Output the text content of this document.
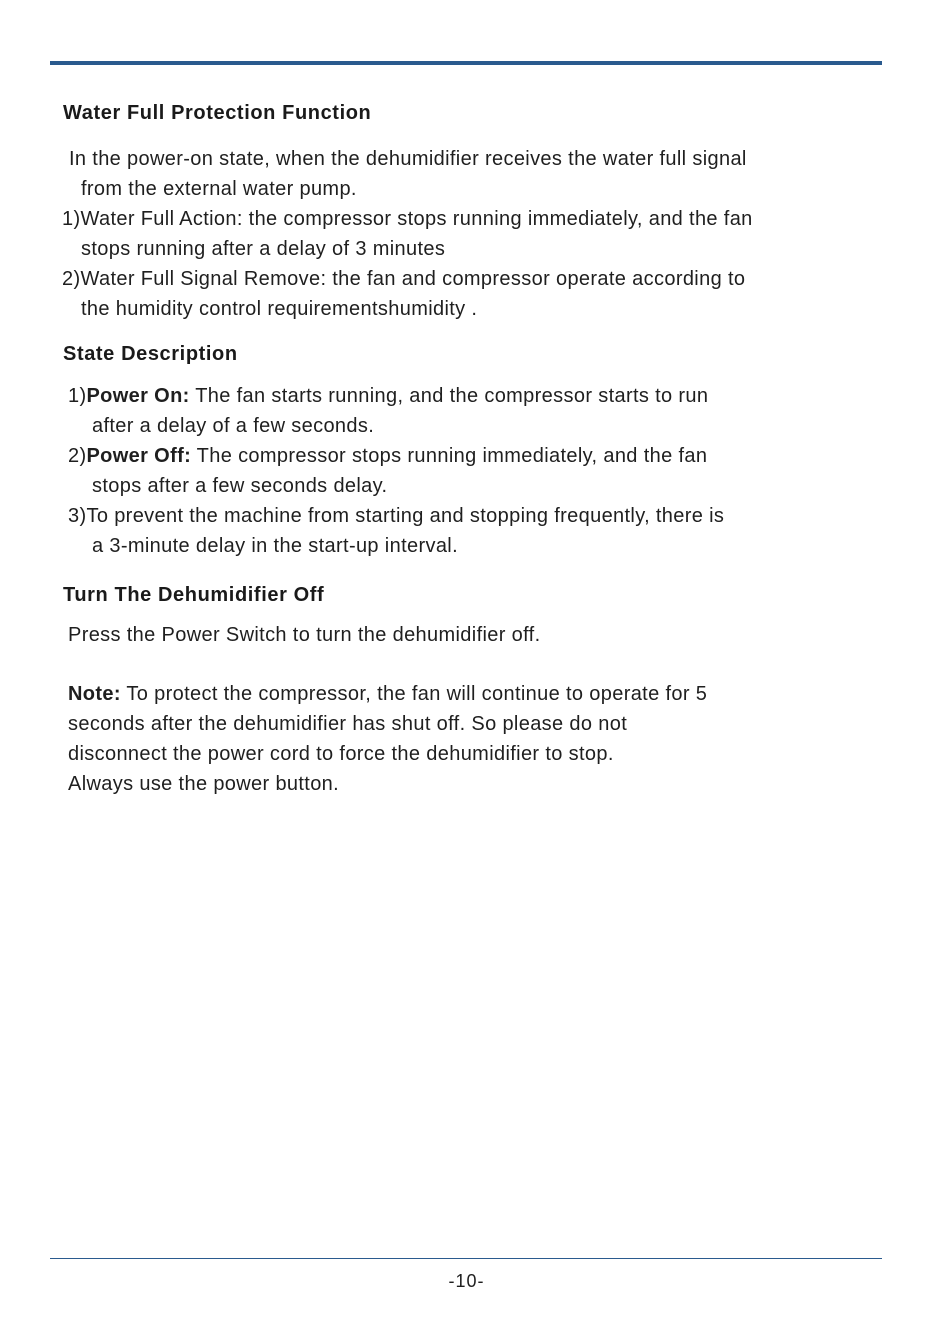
Water Full Protection Function
In the power-on state, when the dehumidifier receives the water full signal
from the external water pump.
1)Water Full Action: the compressor stops running immediately, and the fan
stops running after a delay of 3 minutes
2)Water Full Signal Remove: the fan and compressor operate according to
the humidity control requirementshumidity .
State Description
1)Power On: The fan starts running, and the compressor starts to run
after a delay of a few seconds.
2)Power Off: The compressor stops running immediately, and the fan
stops after a few seconds delay.
3)To prevent the machine from starting and stopping frequently, there is
a 3-minute delay in the start-up interval.
Turn The Dehumidifier Off
Press the Power Switch to turn the dehumidifier off.
Note: To protect the compressor, the fan will continue to operate for 5
seconds after the dehumidifier has shut off. So please do not
disconnect the power cord to force the dehumidifier to stop.
Always use the power button.
-10-
